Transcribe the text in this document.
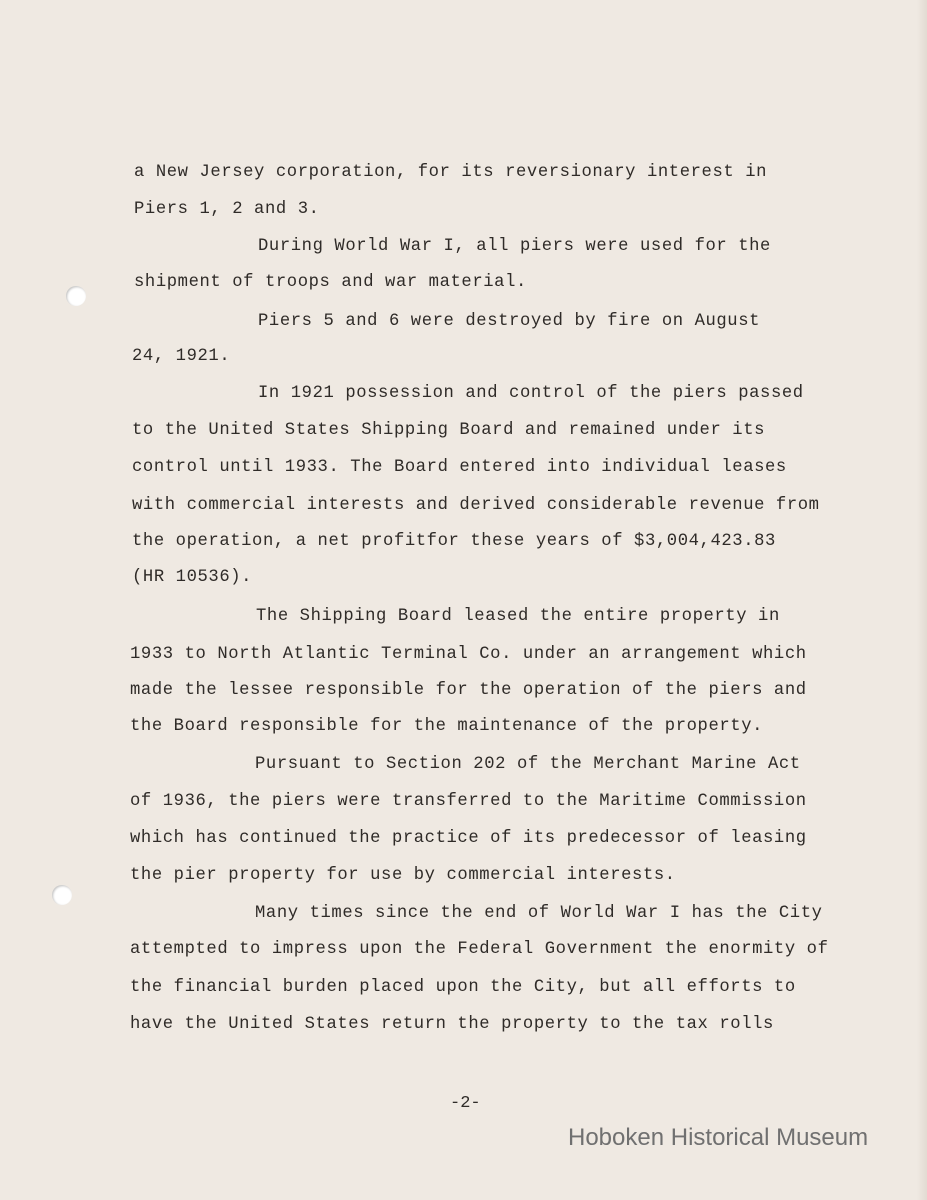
a New Jersey corporation, for its reversionary interest in
Piers 1, 2 and 3.
During World War I, all piers were used for the
shipment of troops and war material.
Piers 5 and 6 were destroyed by fire on August
24, 1921.
In 1921 possession and control of the piers passed
to the United States Shipping Board and remained under its
control until 1933. The Board entered into individual leases
with commercial interests and derived considerable revenue from
the operation, a net profitfor these years of $3,004,423.83
(HR 10536).
The Shipping Board leased the entire property in
1933 to North Atlantic Terminal Co. under an arrangement which
made the lessee responsible for the operation of the piers and
the Board responsible for the maintenance of the property.
Pursuant to Section 202 of the Merchant Marine Act
of 1936, the piers were transferred to the Maritime Commission
which has continued the practice of its predecessor of leasing
the pier property for use by commercial interests.
Many times since the end of World War I has the City
attempted to impress upon the Federal Government the enormity of
the financial burden placed upon the City, but all efforts to
have the United States return the property to the tax rolls
-2-
Hoboken Historical Museum
